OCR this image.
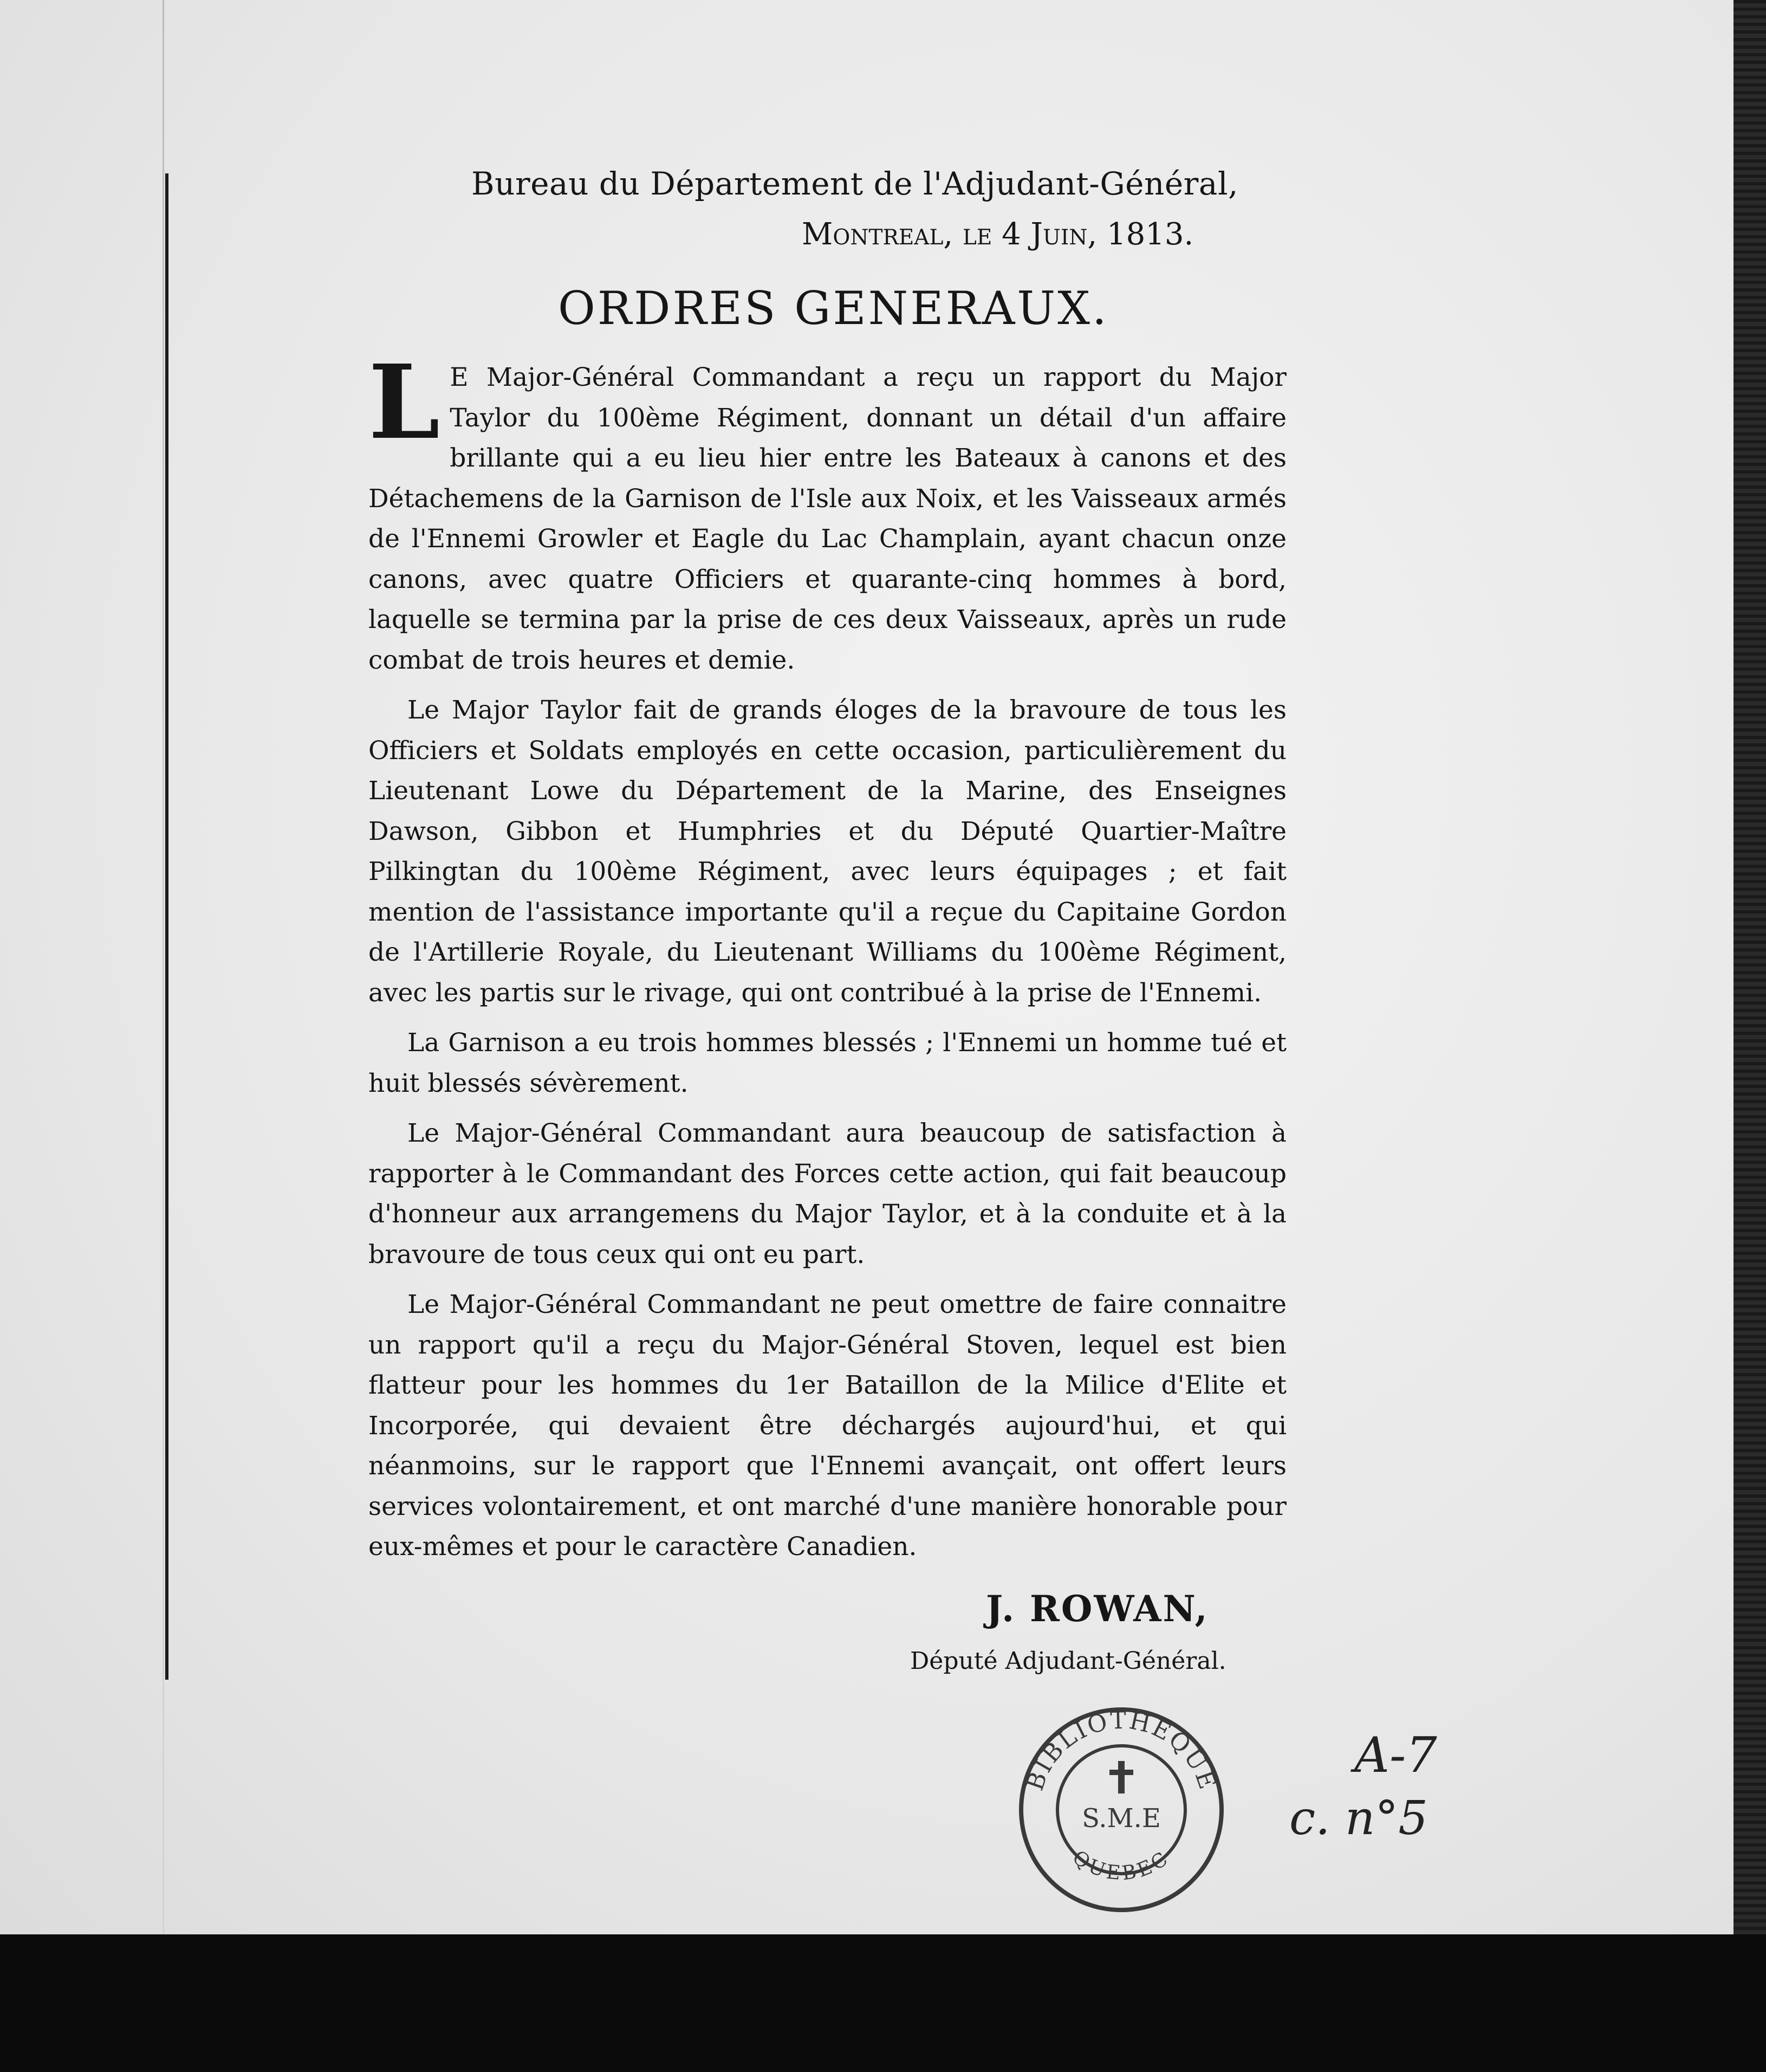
Bureau du Département de l'Adjudant-Général,
Montreal, le 4 Juin, 1813.
ORDRES GENERAUX.

L E Major-Général Commandant a reçu un rapport du Major Taylor du 100ème Régiment, donnant un détail d'un affaire brillante qui a eu lieu hier entre les Bateaux à canons et des Détachemens de la Garnison de l'Isle aux Noix, et les Vaisseaux armés de l'Ennemi Growler et Eagle du Lac Champlain, ayant chacun onze canons, avec quatre Officiers et quarante-cinq hommes à bord, laquelle se termina par la prise de ces deux Vaisseaux, après un rude combat de trois heures et demie.

Le Major Taylor fait de grands éloges de la bravoure de tous les Officiers et Soldats employés en cette occasion, particulièrement du Lieutenant Lowe du Département de la Marine, des Enseignes Dawson, Gibbon et Humphries et du Député Quartier-Maître Pilkingtan du 100ème Régiment, avec leurs équipages ; et fait mention de l'assistance importante qu'il a reçue du Capitaine Gordon de l'Artillerie Royale, du Lieutenant Williams du 100ème Régiment, avec les partis sur le rivage, qui ont contribué à la prise de l'Ennemi.

La Garnison a eu trois hommes blessés ; l'Ennemi un homme tué et huit blessés sévèrement.

Le Major-Général Commandant aura beaucoup de satisfaction à rapporter à le Commandant des Forces cette action, qui fait beaucoup d'honneur aux arrangemens du Major Taylor, et à la conduite et à la bravoure de tous ceux qui ont eu part.

Le Major-Général Commandant ne peut omettre de faire connaitre un rapport qu'il a reçu du Major-Général Stoven, lequel est bien flatteur pour les hommes du 1er Bataillon de la Milice d'Elite et Incorporée, qui devaient être déchargés aujourd'hui, et qui néanmoins, sur le rapport que l'Ennemi avançait, ont offert leurs services volontairement, et ont marché d'une manière honorable pour eux-mêmes et pour le caractère Canadien.

J. ROWAN,
Député Adjudant-Général.
BIBLIOTHEQUE
QUEBEC
S.M.E
A-7
c. n°5
